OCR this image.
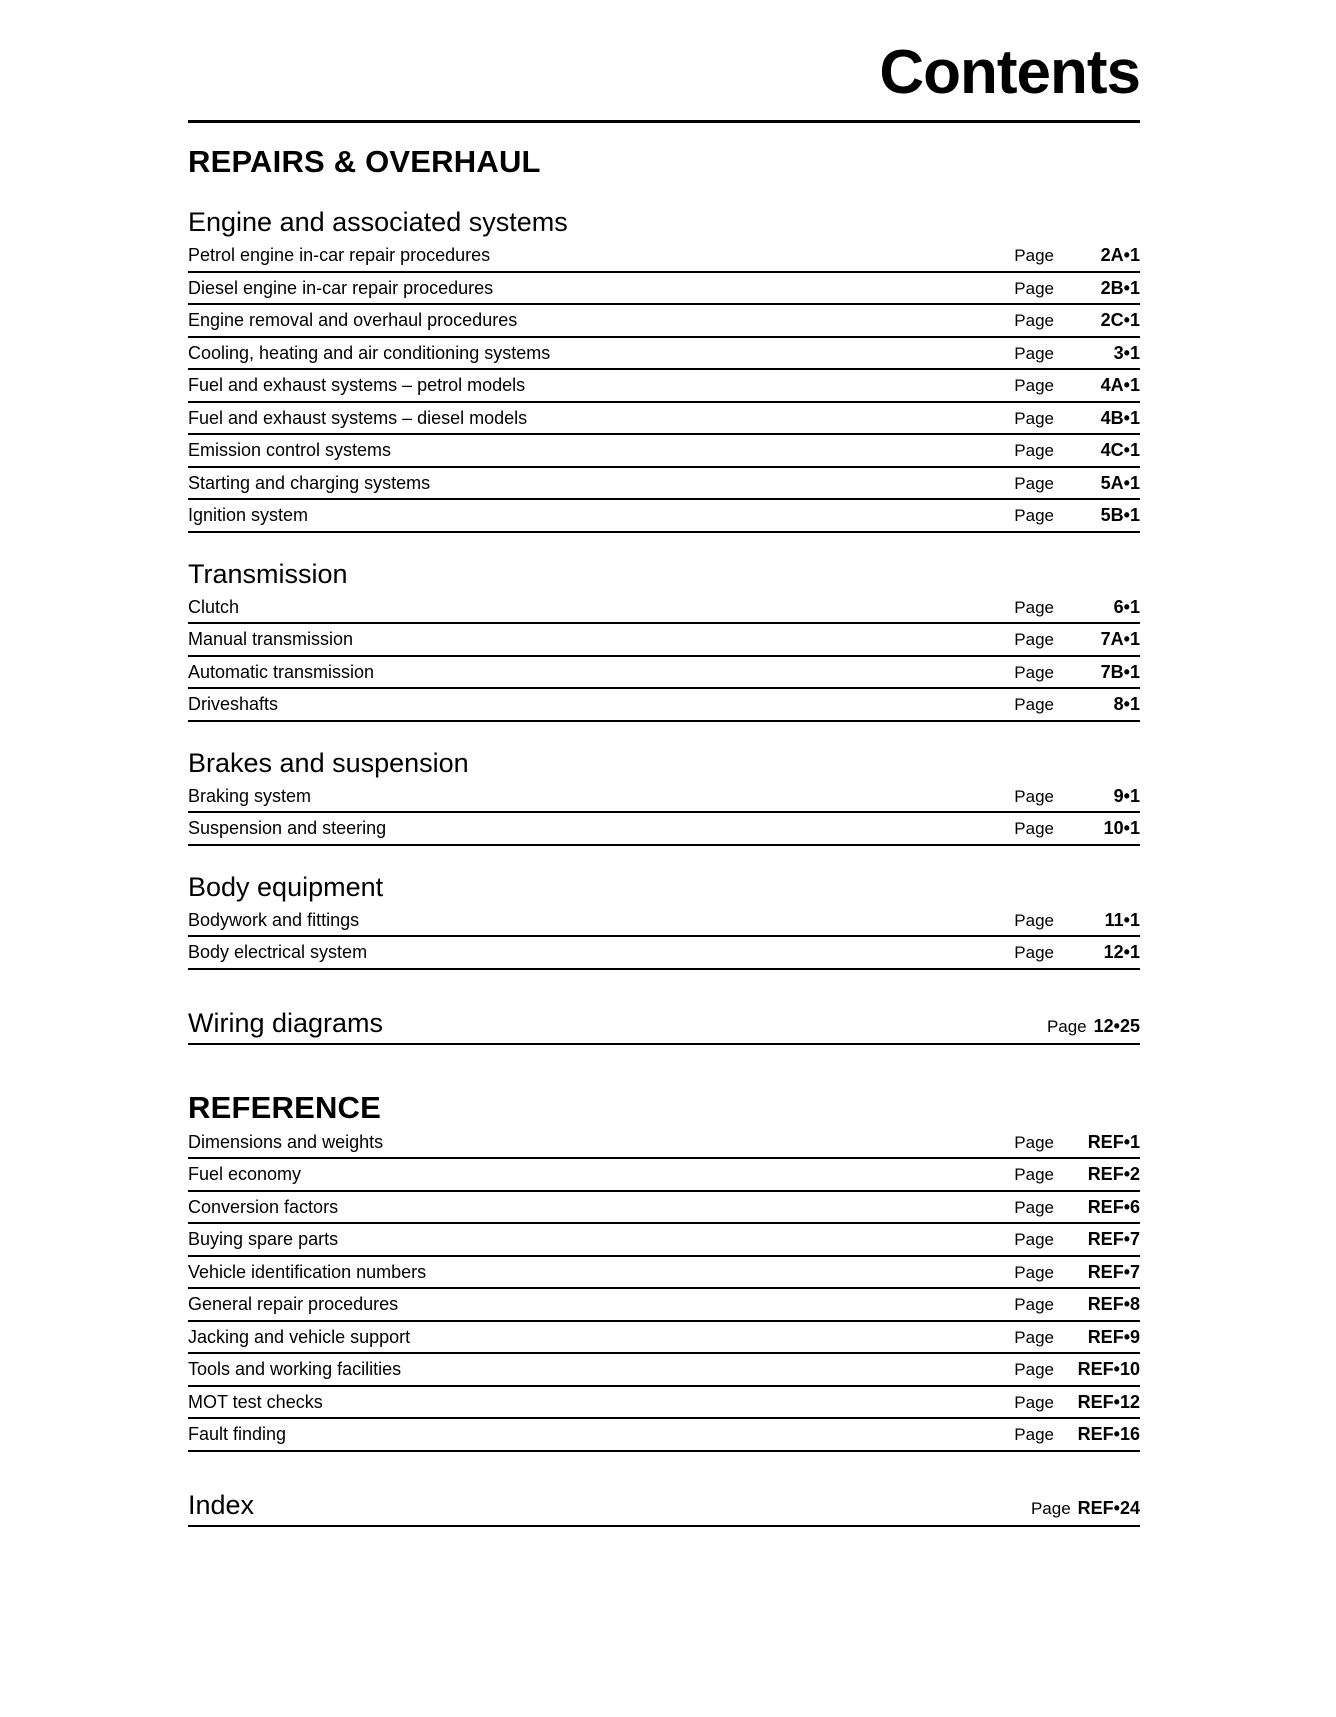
Contents
REPAIRS & OVERHAUL
Engine and associated systems
Petrol engine in-car repair procedures	Page	2A•1
Diesel engine in-car repair procedures	Page	2B•1
Engine removal and overhaul procedures	Page	2C•1
Cooling, heating and air conditioning systems	Page	3•1
Fuel and exhaust systems – petrol models	Page	4A•1
Fuel and exhaust systems – diesel models	Page	4B•1
Emission control systems	Page	4C•1
Starting and charging systems	Page	5A•1
Ignition system	Page	5B•1
Transmission
Clutch	Page	6•1
Manual transmission	Page	7A•1
Automatic transmission	Page	7B•1
Driveshafts	Page	8•1
Brakes and suspension
Braking system	Page	9•1
Suspension and steering	Page	10•1
Body equipment
Bodywork and fittings	Page	11•1
Body electrical system	Page	12•1
Wiring diagrams	Page 12•25
REFERENCE
Dimensions and weights	Page	REF•1
Fuel economy	Page	REF•2
Conversion factors	Page	REF•6
Buying spare parts	Page	REF•7
Vehicle identification numbers	Page	REF•7
General repair procedures	Page	REF•8
Jacking and vehicle support	Page	REF•9
Tools and working facilities	Page	REF•10
MOT test checks	Page	REF•12
Fault finding	Page	REF•16
Index	Page REF•24
